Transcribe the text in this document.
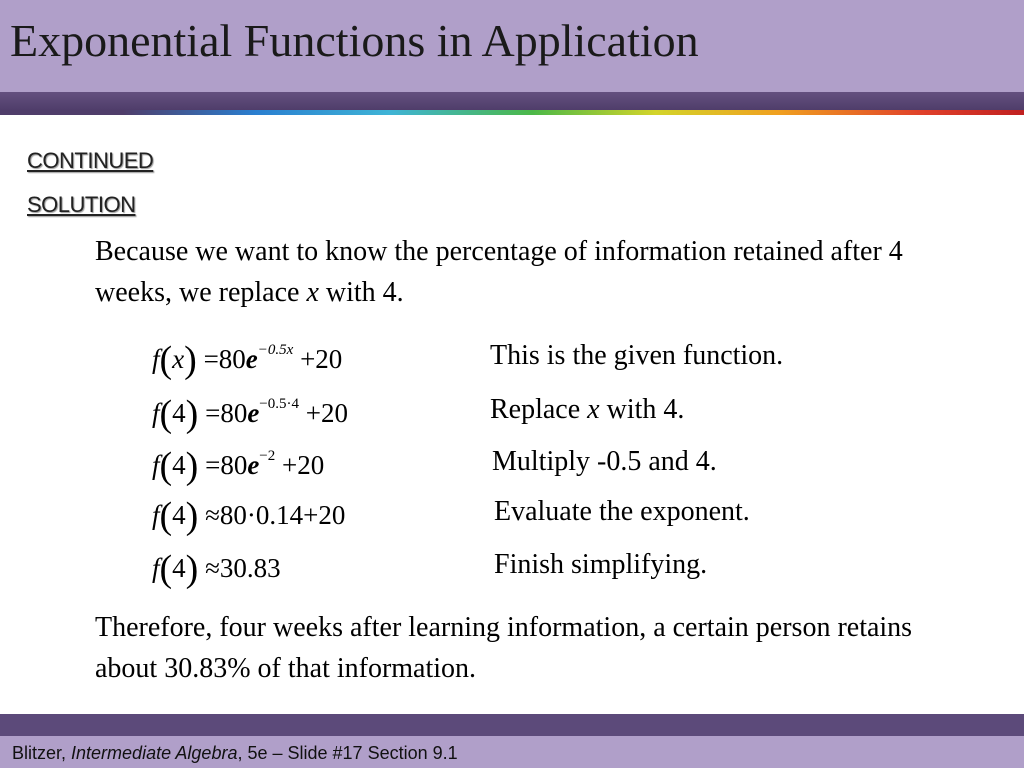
Exponential Functions in Application
CONTINUED
SOLUTION
Because we want to know the percentage of information retained after 4 weeks, we replace x with 4.
$f(x) =80e^{-0.5x} +20$
$f(4) =80e^{-0.5\cdot 4} +20$
$f(4) =80e^{-2} +20$
f(4) ≈80·0.14+20
f(4) ≈30.83
This is the given function.
Replace x with 4.
Multiply -0.5 and 4.
Evaluate the exponent.
Finish simplifying.
Therefore, four weeks after learning information, a certain person retains about 30.83% of that information.
Blitzer, Intermediate Algebra, 5e – Slide #17 Section 9.1
